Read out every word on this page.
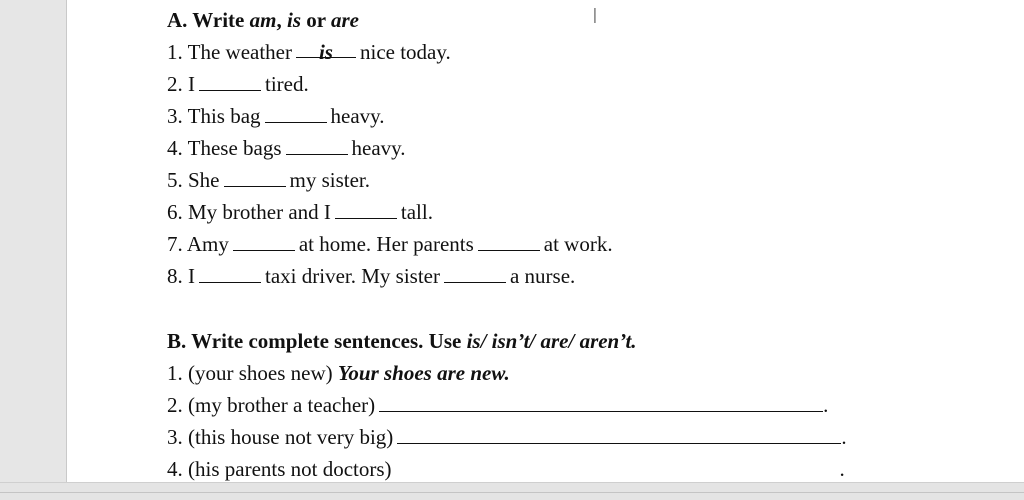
I
A. Write am, is or are
1. The weather is nice today.
2. I	tired.
3. This bag	heavy.
4. These bags	heavy.
5. She	my sister.
6. My brother and I	tall.
7. Amy	at home. Her parents	at work.
8. I	taxi driver. My sister	a nurse.
B. Write complete sentences. Use is/ isn’t/ are/ aren’t.
1. (your shoes new) Your shoes are new.
2. (my brother a teacher)	.
3. (this house not very big)	.
4. (his parents not doctors)	.
